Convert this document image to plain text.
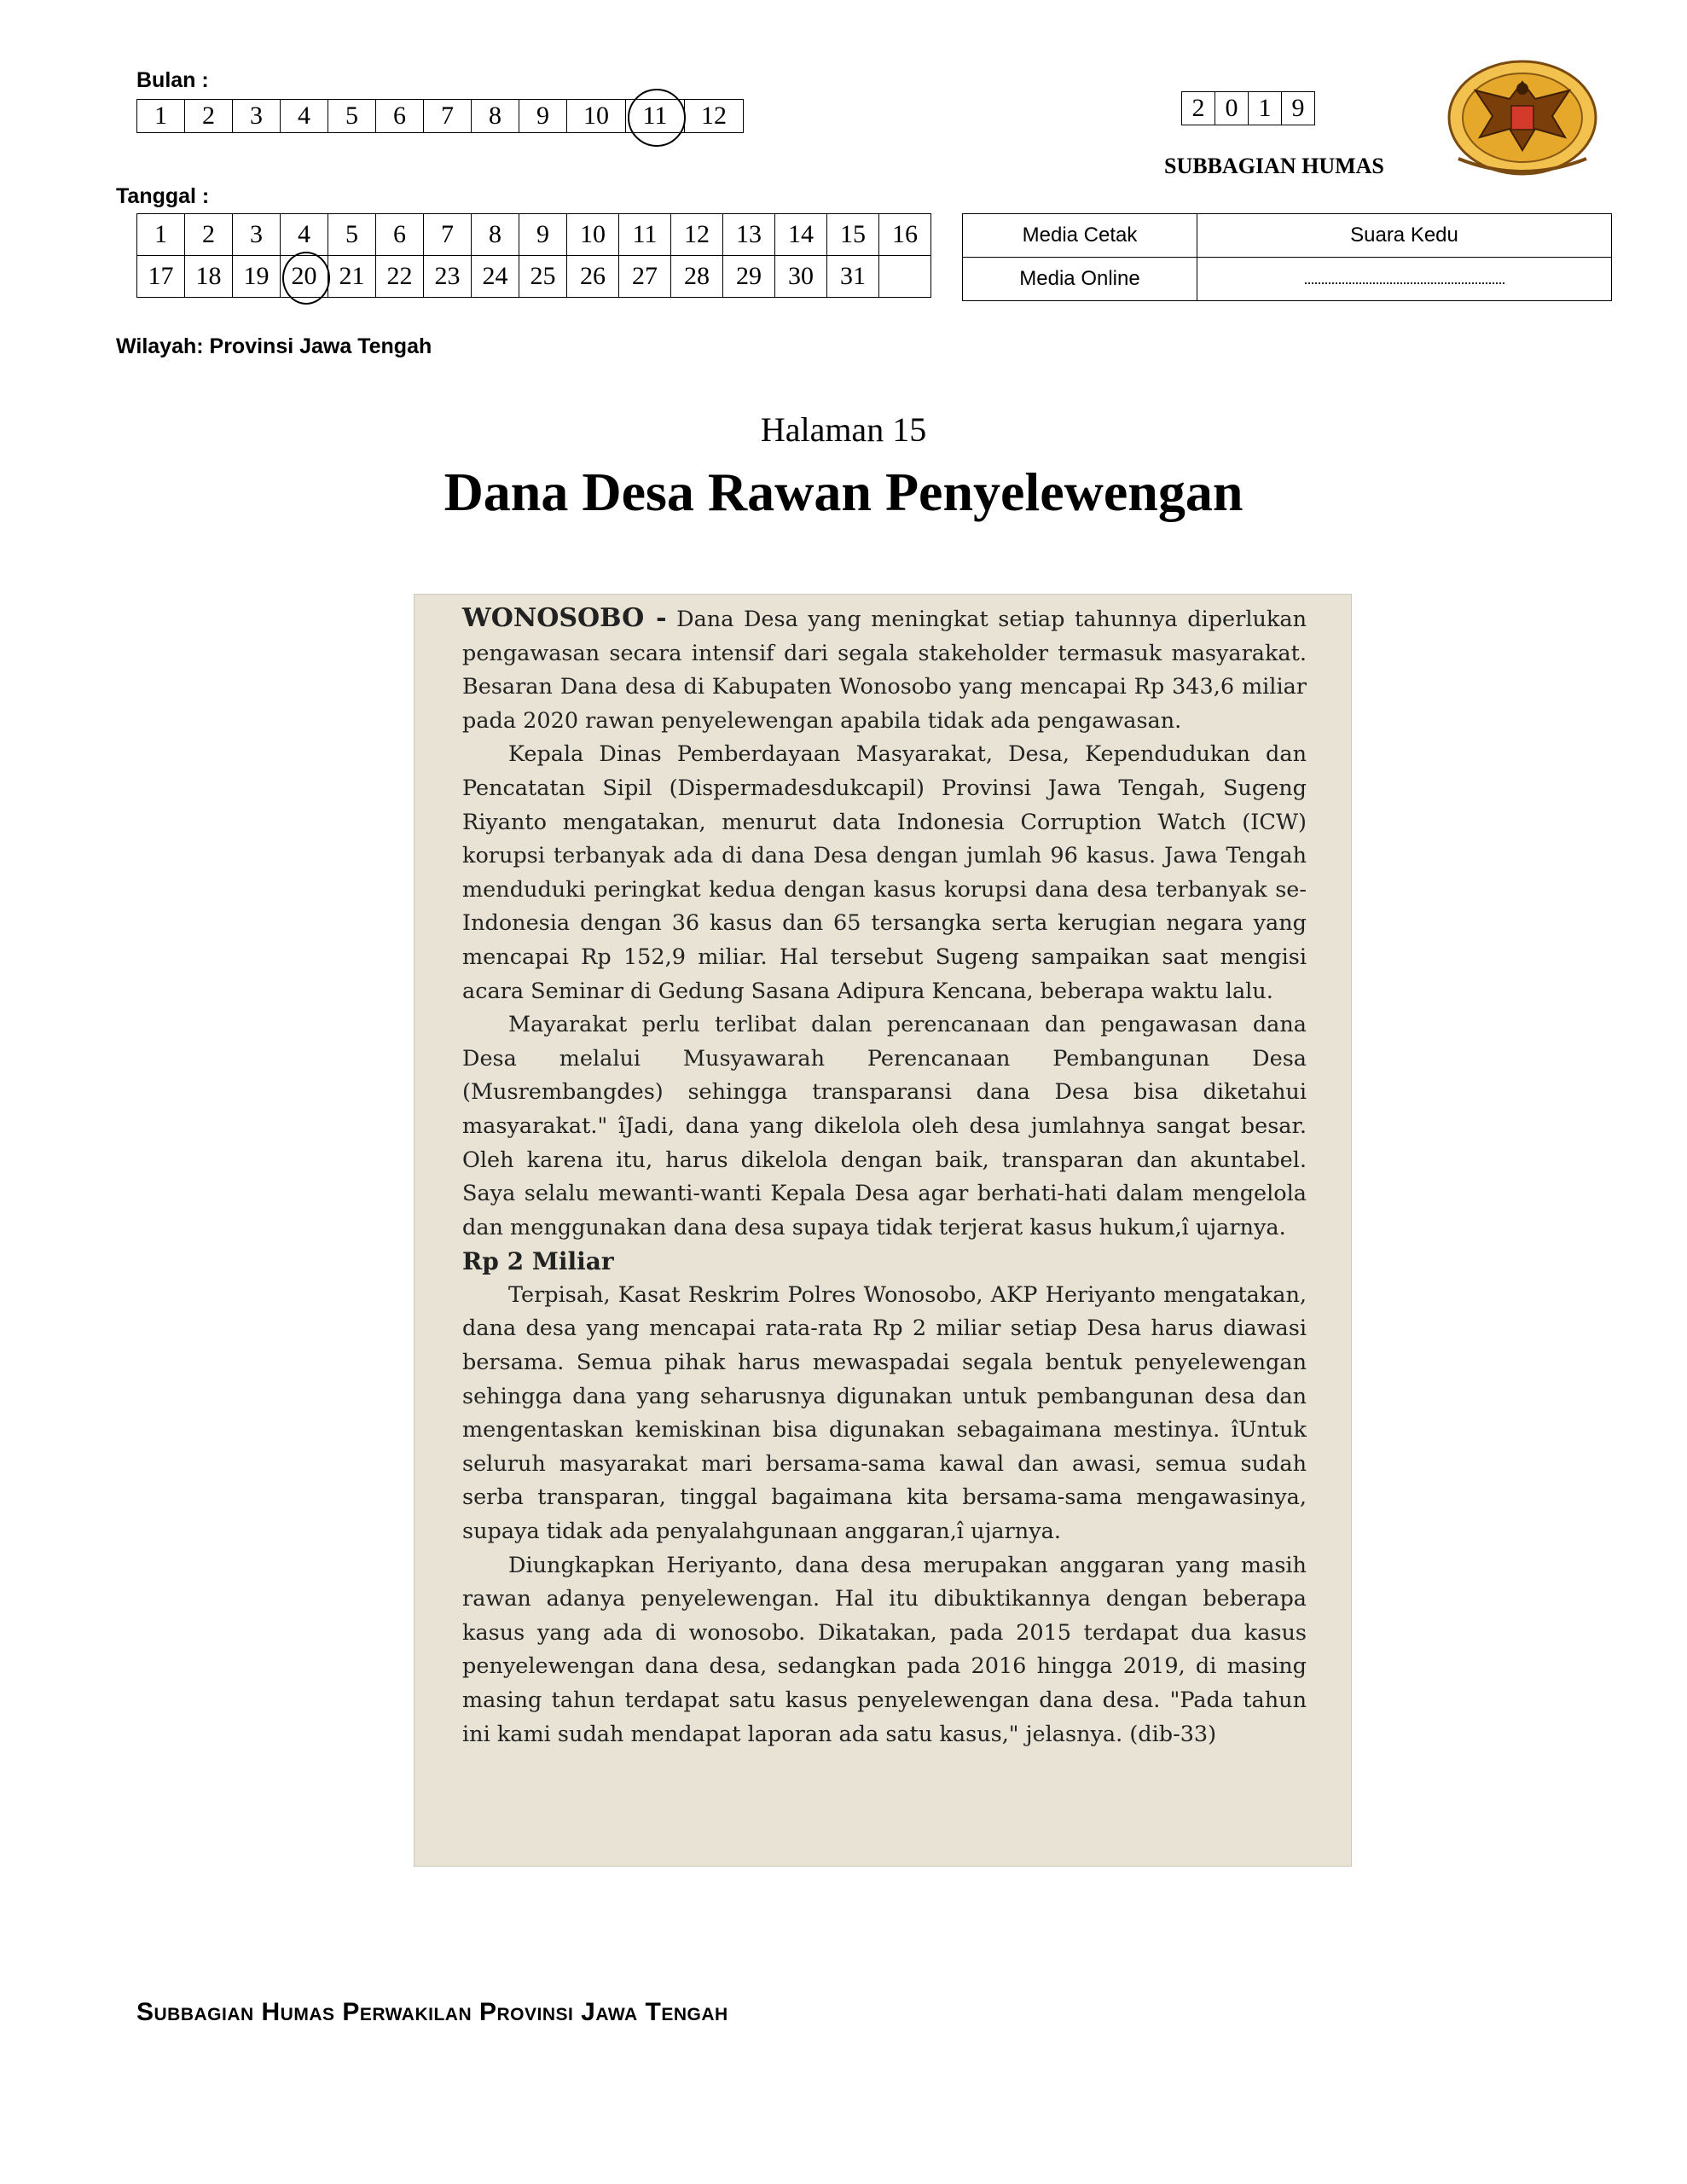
Bulan :
1	2	3	4	5	6	7	8	9	10	11	12	2	0	1	9
SUBBAGIAN HUMAS
Tanggal :
1	2	3	4	5	6	7	8	9	10	11	12	13	14	15	16
17	18	19	20	21	22	23	24	25	26	27	28	29	30	31	
Media Cetak	Suara Kedu
Media Online	...........................................................
Wilayah: Provinsi Jawa Tengah
Halaman 15
Dana Desa Rawan Penyelewengan

WONOSOBO - Dana Desa yang meningkat setiap tahunnya diperlukan pengawasan secara intensif dari segala stakeholder termasuk masyarakat. Besaran Dana desa di Kabupaten Wonosobo yang mencapai Rp 343,6 miliar pada 2020 rawan penyelewengan apabila tidak ada pengawasan.

Kepala Dinas Pemberdayaan Masyarakat, Desa, Kependudukan dan Pencatatan Sipil (Dispermadesdukcapil) Provinsi Jawa Tengah, Sugeng Riyanto mengatakan, menurut data Indonesia Corruption Watch (ICW) korupsi terbanyak ada di dana Desa dengan jumlah 96 kasus. Jawa Tengah menduduki peringkat kedua dengan kasus korupsi dana desa terbanyak se-Indonesia dengan 36 kasus dan 65 tersangka serta kerugian negara yang mencapai Rp 152,9 miliar. Hal tersebut Sugeng sampaikan saat mengisi acara Seminar di Gedung Sasana Adipura Kencana, beberapa waktu lalu.

Mayarakat perlu terlibat dalan perencanaan dan pengawasan dana Desa melalui Musyawarah Perencanaan Pembangunan Desa (Musrembangdes) sehingga transparansi dana Desa bisa diketahui masyarakat." îJadi, dana yang dikelola oleh desa jumlahnya sangat besar. Oleh karena itu, harus dikelola dengan baik, transparan dan akuntabel. Saya selalu mewanti-wanti Kepala Desa agar berhati-hati dalam mengelola dan menggunakan dana desa supaya tidak terjerat kasus hukum,î ujarnya.

Rp 2 Miliar

Terpisah, Kasat Reskrim Polres Wonosobo, AKP Heriyanto mengatakan, dana desa yang mencapai rata-rata Rp 2 miliar setiap Desa harus diawasi bersama. Semua pihak harus mewaspadai segala bentuk penyelewengan sehingga dana yang seharusnya digunakan untuk pembangunan desa dan mengentaskan kemiskinan bisa digunakan sebagaimana mestinya. îUntuk seluruh masyarakat mari bersama-sama kawal dan awasi, semua sudah serba transparan, tinggal bagaimana kita bersama-sama mengawasinya, supaya tidak ada penyalahgunaan anggaran,î ujarnya.

Diungkapkan Heriyanto, dana desa merupakan anggaran yang masih rawan adanya penyelewengan. Hal itu dibuktikannya dengan beberapa kasus yang ada di wonosobo. Dikatakan, pada 2015 terdapat dua kasus penyelewengan dana desa, sedangkan pada 2016 hingga 2019, di masing masing tahun terdapat satu kasus penyelewengan dana desa. "Pada tahun ini kami sudah mendapat laporan ada satu kasus," jelasnya. (dib-33)

Subbagian Humas Perwakilan Provinsi Jawa Tengah
